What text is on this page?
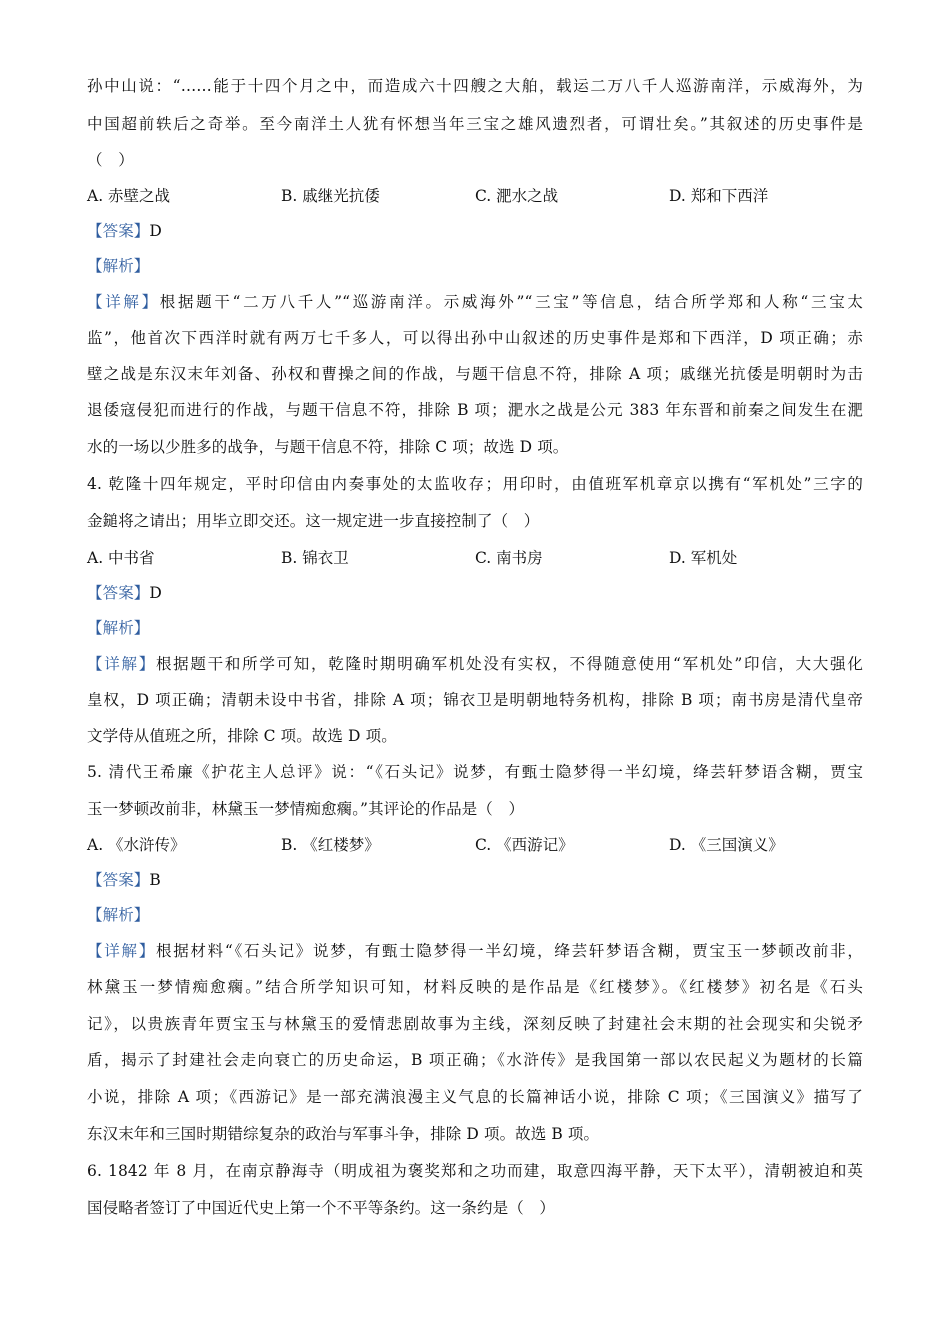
孙中山说：“……能于十四个月之中，而造成六十四艘之大舶，载运二万八千人巡游南洋，示威海外，为
中国超前轶后之奇举。至今南洋土人犹有怀想当年三宝之雄风遗烈者，可谓壮矣。”其叙述的历史事件是
（　）
A. 赤壁之战	B. 戚继光抗倭	C. 淝水之战	D. 郑和下西洋
【答案】D
【解析】
【详解】根据题干“二万八千人”“巡游南洋。示威海外”“三宝”等信息，结合所学郑和人称“三宝太
监”，他首次下西洋时就有两万七千多人，可以得出孙中山叙述的历史事件是郑和下西洋，D 项正确；赤
壁之战是东汉末年刘备、孙权和曹操之间的作战，与题干信息不符，排除 A 项；戚继光抗倭是明朝时为击
退倭寇侵犯而进行的作战，与题干信息不符，排除 B 项；淝水之战是公元 383 年东晋和前秦之间发生在淝
水的一场以少胜多的战争，与题干信息不符，排除 C 项；故选 D 项。
4. 乾隆十四年规定，平时印信由内奏事处的太监收存；用印时，由值班军机章京以携有“军机处”三字的
金鎚将之请出；用毕立即交还。这一规定进一步直接控制了（　）
A. 中书省	B. 锦衣卫	C. 南书房	D. 军机处
【答案】D
【解析】
【详解】根据题干和所学可知，乾隆时期明确军机处没有实权，不得随意使用“军机处”印信，大大强化
皇权，D 项正确；清朝未设中书省，排除 A 项；锦衣卫是明朝地特务机构，排除 B 项；南书房是清代皇帝
文学侍从值班之所，排除 C 项。故选 D 项。
5. 清代王希廉《护花主人总评》说：“《石头记》说梦，有甄士隐梦得一半幻境，绛芸轩梦语含糊，贾宝
玉一梦顿改前非，林黛玉一梦情痴愈瘸。”其评论的作品是（　）
A. 《水浒传》	B. 《红楼梦》	C. 《西游记》	D. 《三国演义》
【答案】B
【解析】
【详解】根据材料“《石头记》说梦，有甄士隐梦得一半幻境，绛芸轩梦语含糊，贾宝玉一梦顿改前非，
林黛玉一梦情痴愈瘸。”结合所学知识可知，材料反映的是作品是《红楼梦》。《红楼梦》初名是《石头
记》，以贵族青年贾宝玉与林黛玉的爱情悲剧故事为主线，深刻反映了封建社会末期的社会现实和尖锐矛
盾，揭示了封建社会走向衰亡的历史命运，B 项正确；《水浒传》是我国第一部以农民起义为题材的长篇
小说，排除 A 项；《西游记》是一部充满浪漫主义气息的长篇神话小说，排除 C 项；《三国演义》描写了
东汉末年和三国时期错综复杂的政治与军事斗争，排除 D 项。故选 B 项。
6. 1842 年 8 月，在南京静海寺（明成祖为褒奖郑和之功而建，取意四海平静，天下太平），清朝被迫和英
国侵略者签订了中国近代史上第一个不平等条约。这一条约是（　）
